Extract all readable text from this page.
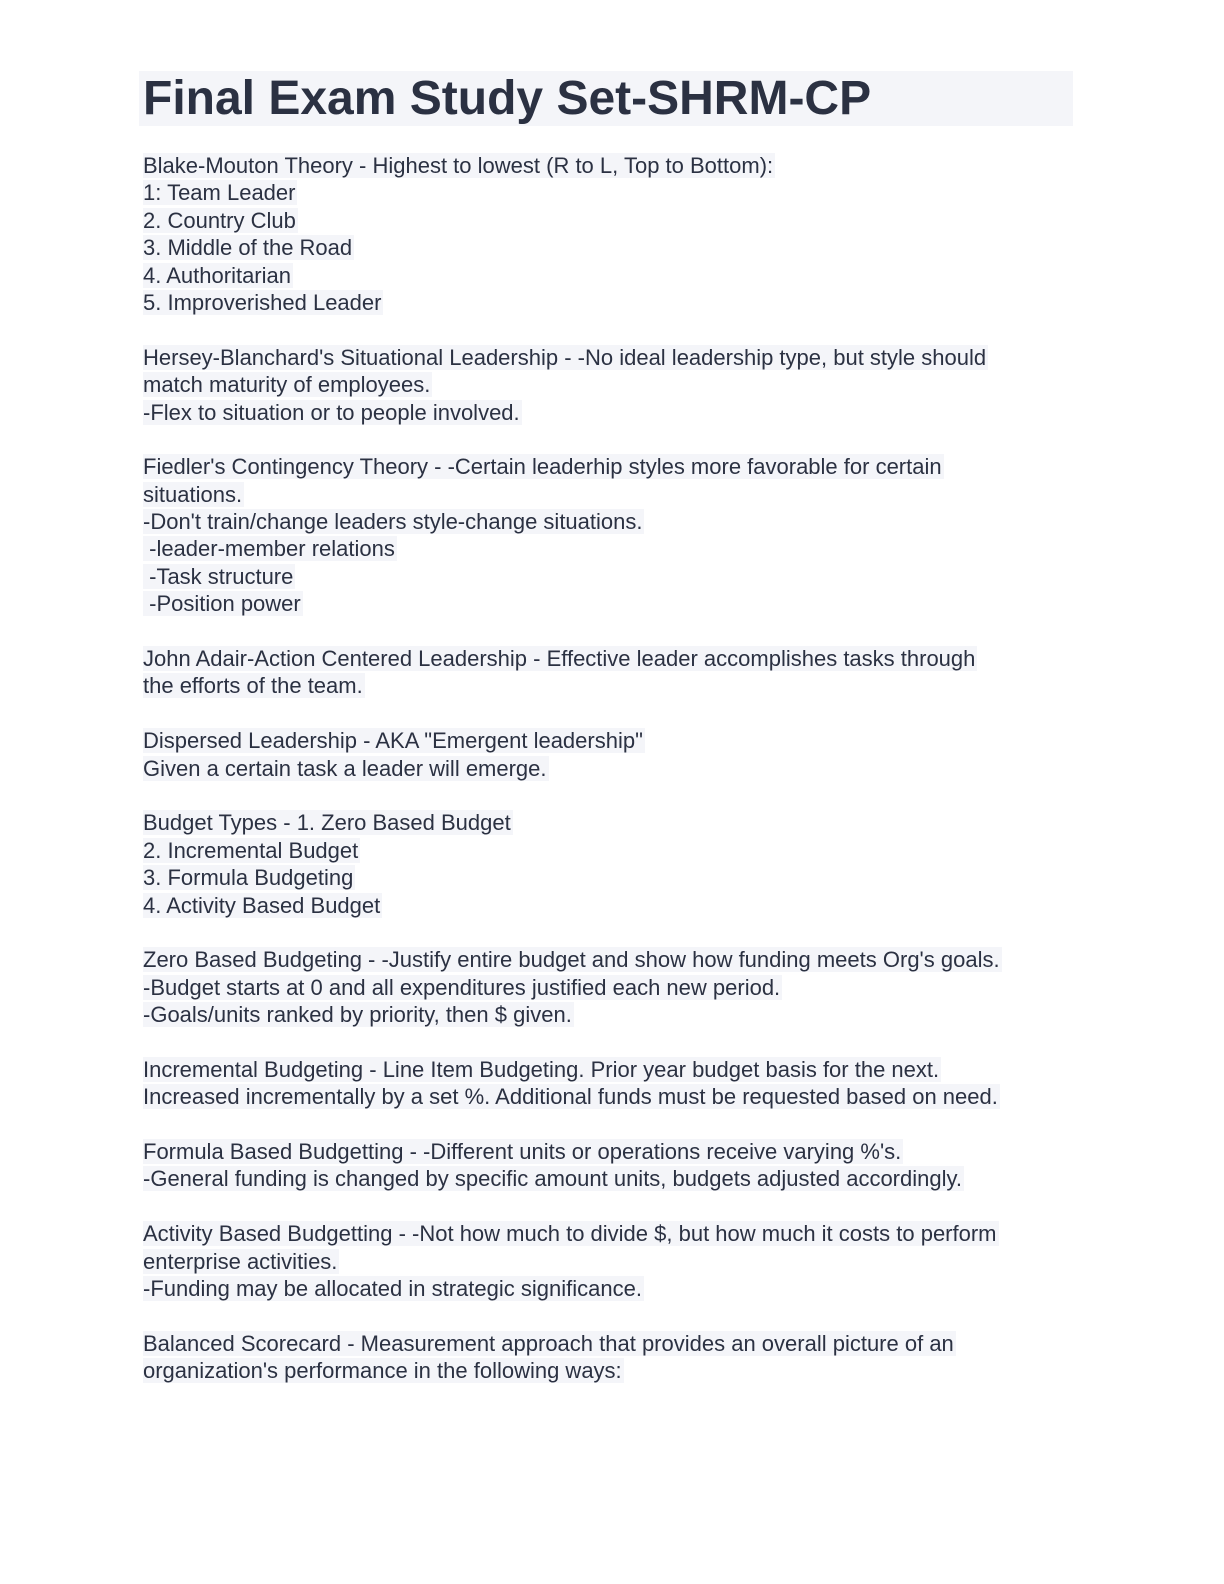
Final Exam Study Set-SHRM-CP
Blake-Mouton Theory - Highest to lowest (R to L, Top to Bottom):
1: Team Leader
2. Country Club
3. Middle of the Road
4. Authoritarian
5. Improverished Leader
Hersey-Blanchard's Situational Leadership - -No ideal leadership type, but style should
match maturity of employees.
-Flex to situation or to people involved.
Fiedler's Contingency Theory - -Certain leaderhip styles more favorable for certain
situations.
-Don't train/change leaders style-change situations.
-leader-member relations
-Task structure
-Position power
John Adair-Action Centered Leadership - Effective leader accomplishes tasks through
the efforts of the team.
Dispersed Leadership - AKA "Emergent leadership"
Given a certain task a leader will emerge.
Budget Types - 1. Zero Based Budget
2. Incremental Budget
3. Formula Budgeting
4. Activity Based Budget
Zero Based Budgeting - -Justify entire budget and show how funding meets Org's goals.
-Budget starts at 0 and all expenditures justified each new period.
-Goals/units ranked by priority, then $ given.
Incremental Budgeting - Line Item Budgeting. Prior year budget basis for the next.
Increased incrementally by a set %. Additional funds must be requested based on need.
Formula Based Budgetting - -Different units or operations receive varying %'s.
-General funding is changed by specific amount units, budgets adjusted accordingly.
Activity Based Budgetting - -Not how much to divide $, but how much it costs to perform
enterprise activities.
-Funding may be allocated in strategic significance.
Balanced Scorecard - Measurement approach that provides an overall picture of an
organization's performance in the following ways:
